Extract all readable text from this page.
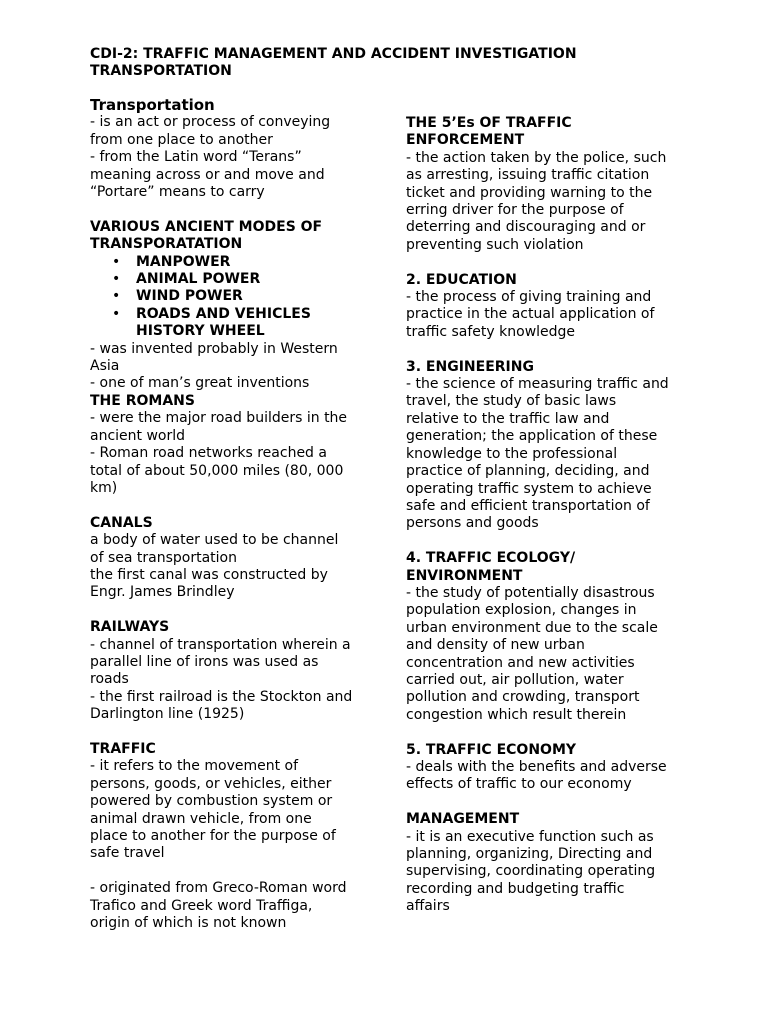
CDI-2: TRAFFIC MANAGEMENT AND ACCIDENT INVESTIGATION
TRANSPORTATION
Transportation
- is an act or process of conveying
from one place to another
- from the Latin word “Terans”
meaning across or and move and
“Portare” means to carry
VARIOUS ANCIENT MODES OF
TRANSPORATATION
• MANPOWER
• ANIMAL POWER
• WIND POWER
• ROADS AND VEHICLES
HISTORY WHEEL
- was invented probably in Western
Asia
- one of man’s great inventions
THE ROMANS
- were the major road builders in the
ancient world
- Roman road networks reached a
total of about 50,000 miles (80, 000
km)
CANALS
a body of water used to be channel
of sea transportation
the first canal was constructed by
Engr. James Brindley
RAILWAYS
- channel of transportation wherein a
parallel line of irons was used as
roads
- the first railroad is the Stockton and
Darlington line (1925)
TRAFFIC
- it refers to the movement of
persons, goods, or vehicles, either
powered by combustion system or
animal drawn vehicle, from one
place to another for the purpose of
safe travel
- originated from Greco-Roman word
Trafico and Greek word Traffiga,
origin of which is not known
THE 5’Es OF TRAFFIC
ENFORCEMENT
- the action taken by the police, such
as arresting, issuing traffic citation
ticket and providing warning to the
erring driver for the purpose of
deterring and discouraging and or
preventing such violation
2. EDUCATION
- the process of giving training and
practice in the actual application of
traffic safety knowledge
3. ENGINEERING
- the science of measuring traffic and
travel, the study of basic laws
relative to the traffic law and
generation; the application of these
knowledge to the professional
practice of planning, deciding, and
operating traffic system to achieve
safe and efficient transportation of
persons and goods
4. TRAFFIC ECOLOGY/
ENVIRONMENT
- the study of potentially disastrous
population explosion, changes in
urban environment due to the scale
and density of new urban
concentration and new activities
carried out, air pollution, water
pollution and crowding, transport
congestion which result therein
5. TRAFFIC ECONOMY
- deals with the benefits and adverse
effects of traffic to our economy
MANAGEMENT
- it is an executive function such as
planning, organizing, Directing and
supervising, coordinating operating
recording and budgeting traffic
affairs
